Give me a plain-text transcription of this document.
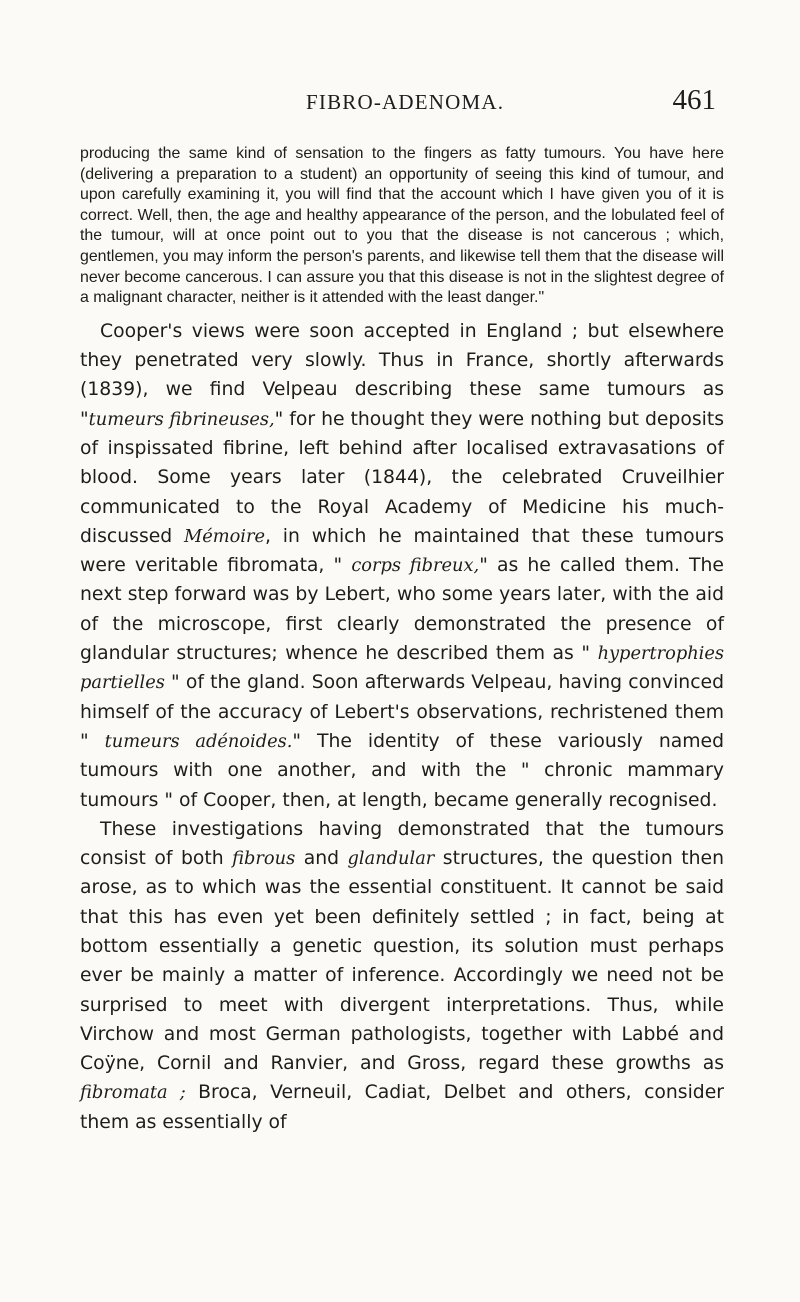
FIBRO-ADENOMA.	461

producing the same kind of sensation to the fingers as fatty tumours. You have here (delivering a preparation to a student) an opportunity of seeing this kind of tumour, and upon carefully examining it, you will find that the account which I have given you of it is correct. Well, then, the age and healthy appearance of the person, and the lobulated feel of the tumour, will at once point out to you that the disease is not cancerous ; which, gentlemen, you may inform the person's parents, and likewise tell them that the disease will never become cancerous. I can assure you that this disease is not in the slightest degree of a malignant character, neither is it attended with the least danger."

Cooper's views were soon accepted in England ; but elsewhere they penetrated very slowly. Thus in France, shortly afterwards (1839), we find Velpeau describing these same tumours as "tumeurs fibrineuses," for he thought they were nothing but deposits of inspissated fibrine, left behind after localised extravasations of blood. Some years later (1844), the celebrated Cruveilhier communicated to the Royal Academy of Medicine his much-discussed Mémoire, in which he maintained that these tumours were veritable fibromata, " corps fibreux," as he called them. The next step forward was by Lebert, who some years later, with the aid of the microscope, first clearly demonstrated the presence of glandular structures; whence he described them as " hypertrophies partielles " of the gland. Soon afterwards Velpeau, having convinced himself of the accuracy of Lebert's observations, rechristened them " tumeurs adénoides." The identity of these variously named tumours with one another, and with the " chronic mammary tumours " of Cooper, then, at length, became generally recognised.

These investigations having demonstrated that the tumours consist of both fibrous and glandular structures, the question then arose, as to which was the essential constituent. It cannot be said that this has even yet been definitely settled ; in fact, being at bottom essentially a genetic question, its solution must perhaps ever be mainly a matter of inference. Accordingly we need not be surprised to meet with divergent interpretations. Thus, while Virchow and most German pathologists, together with Labbé and Coÿne, Cornil and Ranvier, and Gross, regard these growths as fibromata ; Broca, Verneuil, Cadiat, Delbet and others, consider them as essentially of
